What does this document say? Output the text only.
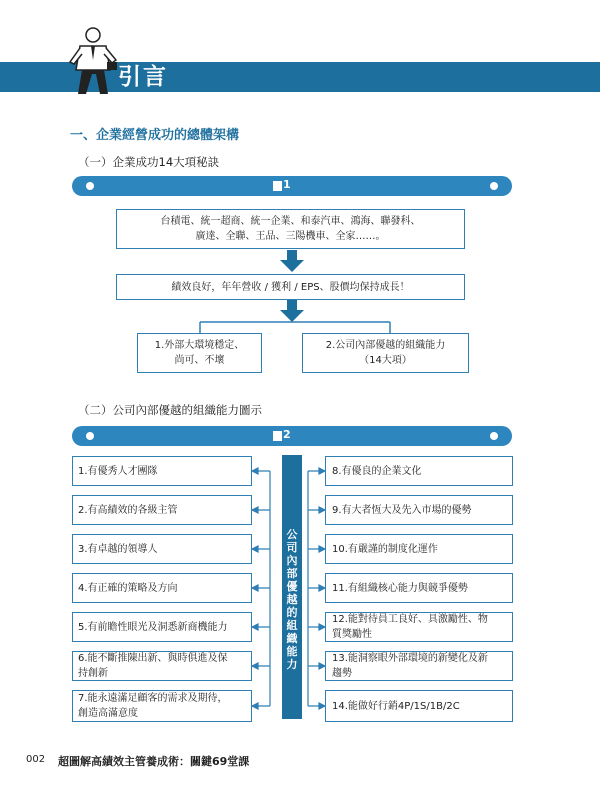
引言
一、企業經營成功的總體架構
（一）企業成功14大項秘訣
1
台積電、統一超商、統一企業、和泰汽車、鴻海、聯發科、
廣達、全聯、王品、三陽機車、全家……。
績效良好，年年營收 / 獲利 / EPS、股價均保持成長！
1.外部大環境穩定、
尚可、不壞
2.公司內部優越的組織能力
（14大項）
（二）公司內部優越的組織能力圖示
2
公司內部優越的組織能力
1.有優秀人才團隊
2.有高績效的各級主管
3.有卓越的領導人
4.有正確的策略及方向
5.有前瞻性眼光及洞悉新商機能力
6.能不斷推陳出新、與時俱進及保
持創新
7.能永遠滿足顧客的需求及期待，
創造高滿意度
8.有優良的企業文化
9.有大者恆大及先入市場的優勢
10.有嚴謹的制度化運作
11.有組織核心能力與競爭優勢
12.能對待員工良好、具激勵性、物
質獎勵性
13.能洞察眼外部環境的新變化及新
趨勢
14.能做好行銷4P/1S/1B/2C
002 超圖解高績效主管養成術：關鍵69堂課
